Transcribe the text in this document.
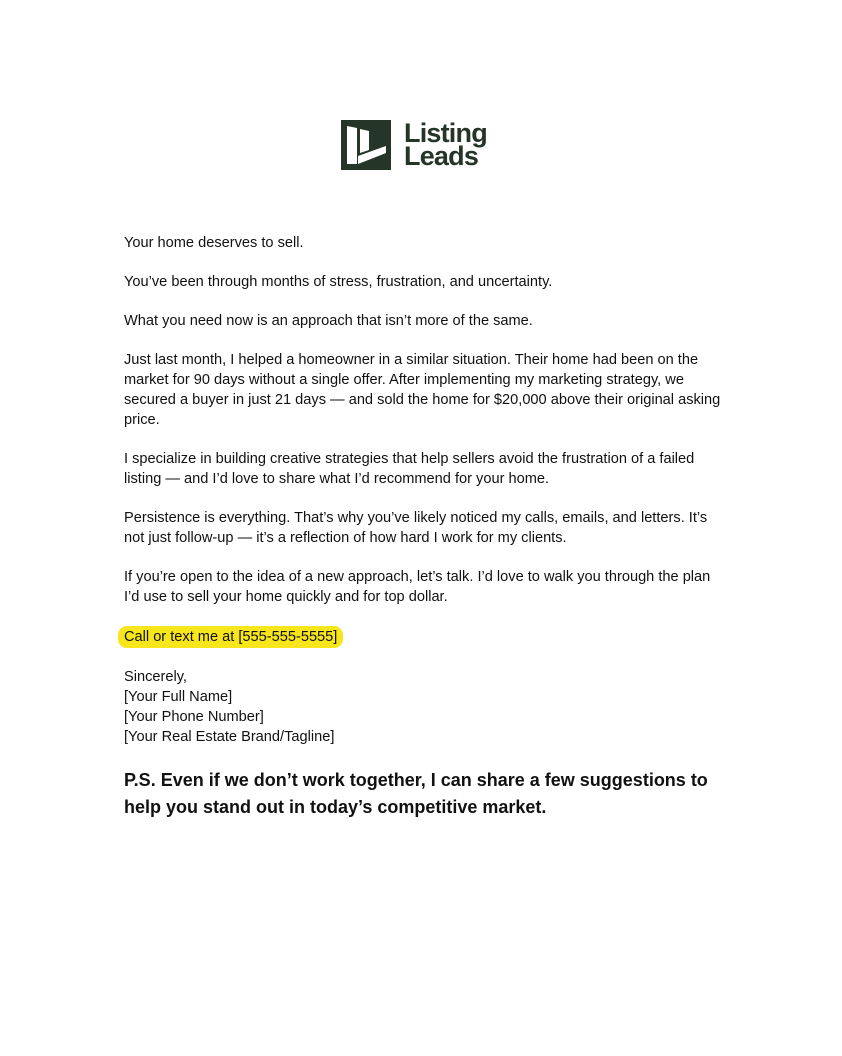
Listing
Leads

Your home deserves to sell.

You’ve been through months of stress, frustration, and uncertainty.

What you need now is an approach that isn’t more of the same.

Just last month, I helped a homeowner in a similar situation. Their home had been on the market for 90 days without a single offer. After implementing my marketing strategy, we secured a buyer in just 21 days — and sold the home for $20,000 above their original asking price.

I specialize in building creative strategies that help sellers avoid the frustration of a failed listing — and I’d love to share what I’d recommend for your home.

Persistence is everything. That’s why you’ve likely noticed my calls, emails, and letters. It’s not just follow-up — it’s a reflection of how hard I work for my clients.

If you’re open to the idea of a new approach, let’s talk. I’d love to walk you through the plan I’d use to sell your home quickly and for top dollar.

Call or text me at [555-555-5555]

Sincerely,

[Your Full Name]

[Your Phone Number]

[Your Real Estate Brand/Tagline]

P.S. Even if we don’t work together, I can share a few suggestions to help you stand out in today’s competitive market.
